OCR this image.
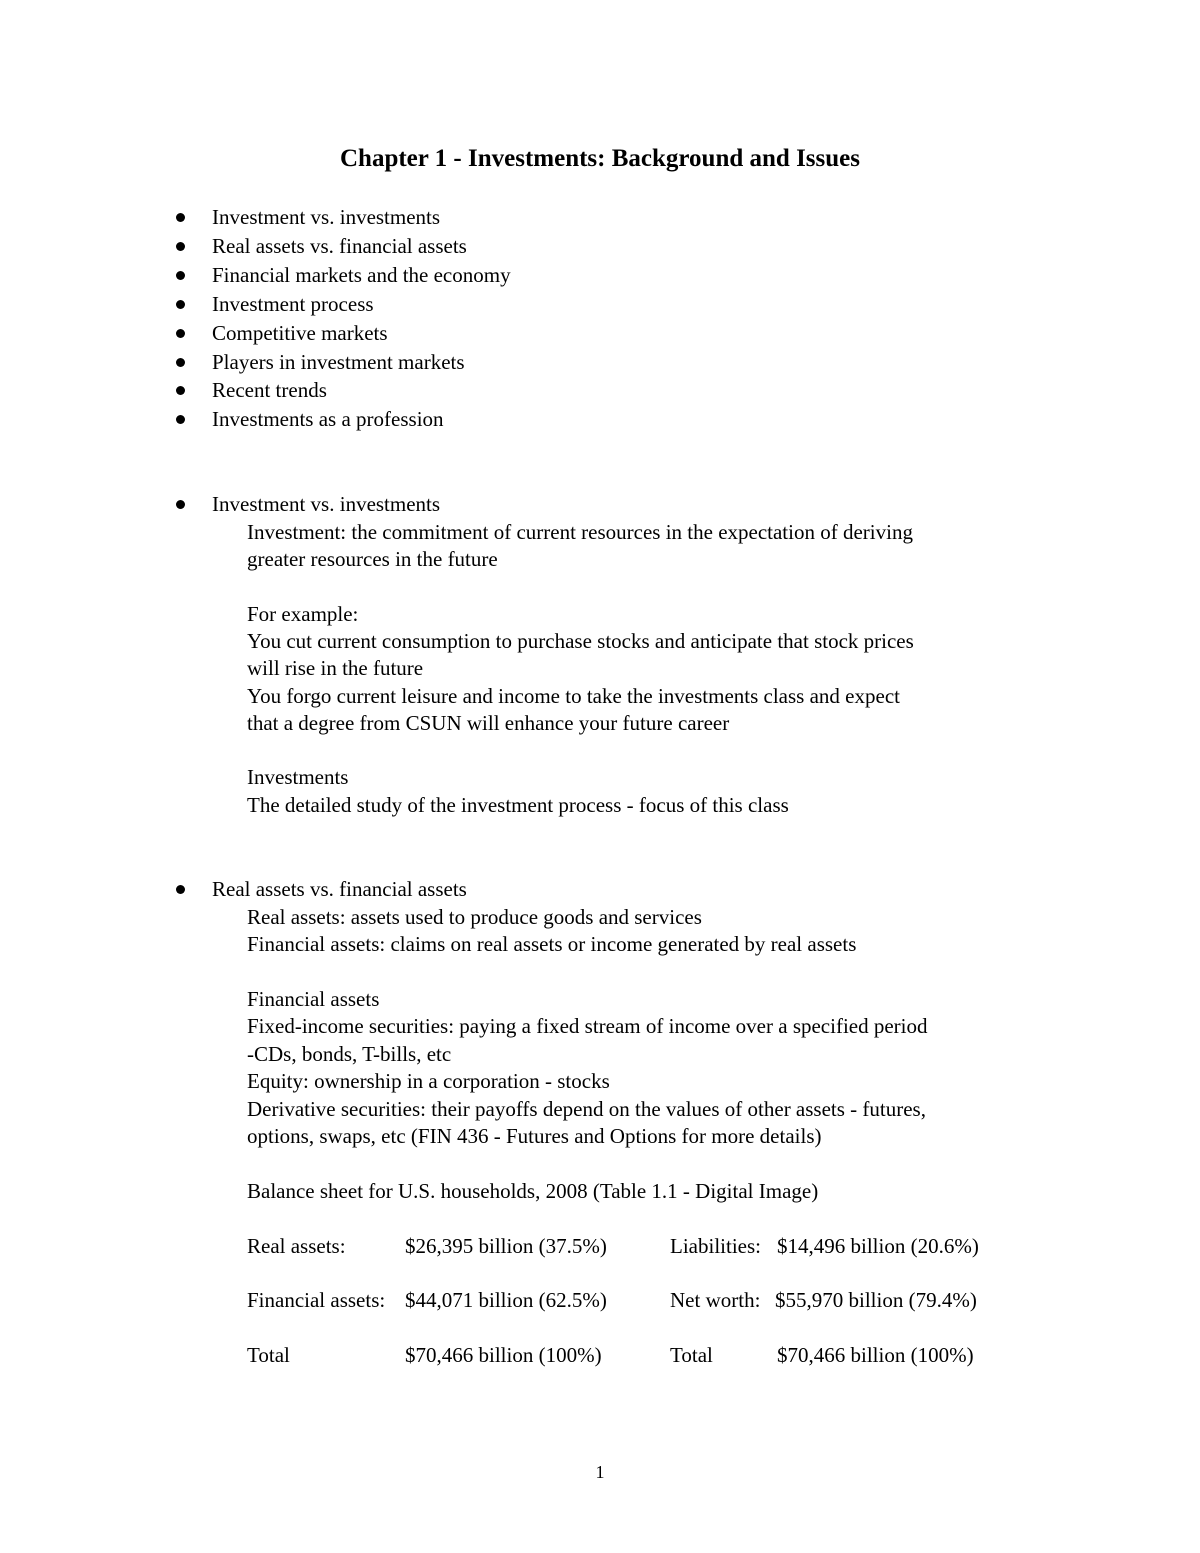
Chapter 1 - Investments: Background and Issues
Investment vs. investments
Real assets vs. financial assets
Financial markets and the economy
Investment process
Competitive markets
Players in investment markets
Recent trends
Investments as a profession
Investment vs. investments
Investment: the commitment of current resources in the expectation of deriving
greater resources in the future
For example:
You cut current consumption to purchase stocks and anticipate that stock prices
will rise in the future
You forgo current leisure and income to take the investments class and expect
that a degree from CSUN will enhance your future career
Investments
The detailed study of the investment process - focus of this class
Real assets vs. financial assets
Real assets: assets used to produce goods and services
Financial assets: claims on real assets or income generated by real assets
Financial assets
Fixed-income securities: paying a fixed stream of income over a specified period
-CDs, bonds, T-bills, etc
Equity: ownership in a corporation - stocks
Derivative securities: their payoffs depend on the values of other assets - futures,
options, swaps, etc (FIN 436 - Futures and Options for more details)
Balance sheet for U.S. households, 2008 (Table 1.1 - Digital Image)
Real assets:	$26,395 billion (37.5%)	Liabilities: $14,496 billion (20.6%)
Financial assets: $44,071 billion (62.5%)	Net worth: $55,970 billion (79.4%)
Total	$70,466 billion (100%)	Total	$70,466 billion (100%)
1
